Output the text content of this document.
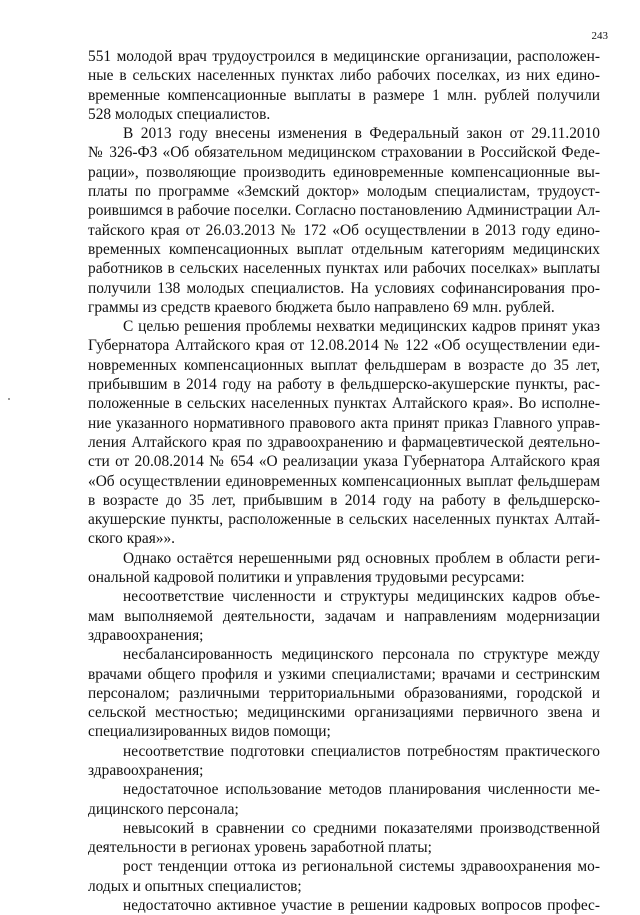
243
551 молодой врач трудоустроился в медицинские организации, расположен-
ные в сельских населенных пунктах либо рабочих поселках, из них едино-
временные компенсационные выплаты в размере 1 млн. рублей получили
528 молодых специалистов.
В 2013 году внесены изменения в Федеральный закон от 29.11.2010
№ 326-ФЗ «Об обязательном медицинском страховании в Российской Феде-
рации», позволяющие производить единовременные компенсационные вы-
платы по программе «Земский доктор» молодым специалистам, трудоуст-
роившимся в рабочие поселки. Согласно постановлению Администрации Ал-
тайского края от 26.03.2013 № 172 «Об осуществлении в 2013 году едино-
временных компенсационных выплат отдельным категориям медицинских
работников в сельских населенных пунктах или рабочих поселках» выплаты
получили 138 молодых специалистов. На условиях софинансирования про-
граммы из средств краевого бюджета было направлено 69 млн. рублей.
С целью решения проблемы нехватки медицинских кадров принят указ
Губернатора Алтайского края от 12.08.2014 № 122 «Об осуществлении еди-
новременных компенсационных выплат фельдшерам в возрасте до 35 лет,
прибывшим в 2014 году на работу в фельдшерско-акушерские пункты, рас-
положенные в сельских населенных пунктах Алтайского края». Во исполне-
ние указанного нормативного правового акта принят приказ Главного управ-
ления Алтайского края по здравоохранению и фармацевтической деятельно-
сти от 20.08.2014 № 654 «О реализации указа Губернатора Алтайского края
«Об осуществлении единовременных компенсационных выплат фельдшерам
в возрасте до 35 лет, прибывшим в 2014 году на работу в фельдшерско-
акушерские пункты, расположенные в сельских населенных пунктах Алтай-
ского края»».
Однако остаётся нерешенными ряд основных проблем в области реги-
ональной кадровой политики и управления трудовыми ресурсами:
несоответствие численности и структуры медицинских кадров объе-
мам выполняемой деятельности, задачам и направлениям модернизации
здравоохранения;
несбалансированность медицинского персонала по структуре между
врачами общего профиля и узкими специалистами; врачами и сестринским
персоналом; различными территориальными образованиями, городской и
сельской местностью; медицинскими организациями первичного звена и
специализированных видов помощи;
несоответствие подготовки специалистов потребностям практического
здравоохранения;
недостаточное использование методов планирования численности ме-
дицинского персонала;
невысокий в сравнении со средними показателями производственной
деятельности в регионах уровень заработной платы;
рост тенденции оттока из региональной системы здравоохранения мо-
лодых и опытных специалистов;
недостаточно активное участие в решении кадровых вопросов профес-
